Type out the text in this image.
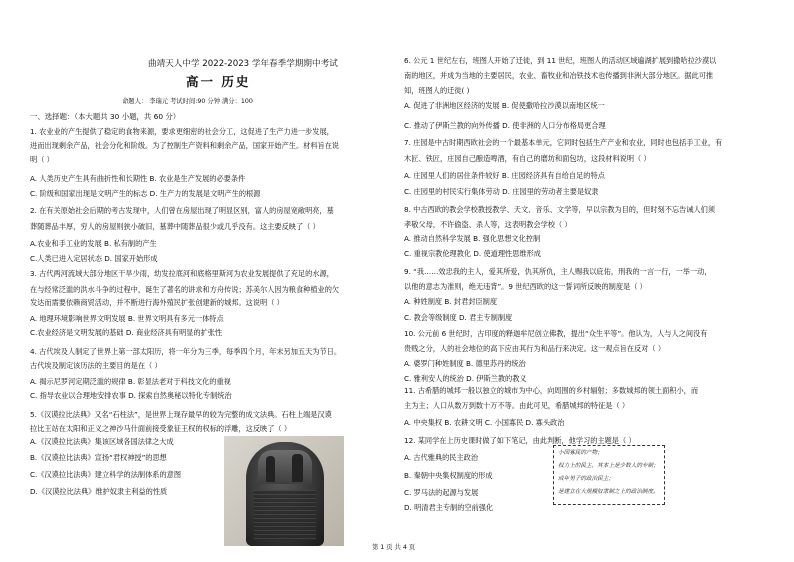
曲靖天人中学 2022-2023 学年春季学期期中考试
高一 历史
命题人： 李瑞元 考试时间:90 分钟 满分：100
一、选择题：（本大题共 30 小题，共 60 分）
1. 农业业的产生提供了稳定的食物来源，要求更细密的社会分工，这促进了生产力进一步发展，
进而出现剩余产品，社会分化和阶级。为了控制生产资料和剩余产品，国家开始产生。材料旨在说
明（ ）
A. 人类历史产生具有曲折性和长期性 B. 农业是生产发展的必要条件
C. 阶级和国家出现是文明产生的标志 D. 生产力的发展是文明产生的根源
2. 在有关原始社会后期的考古发现中，人们曾在房屋出现了明显区别，富人的房屋宽敞明亮，墓
葬随葬品丰厚，穷人的房屋则狭小破旧，墓葬中随葬品很少或几乎没有。这主要反映了（ ）
A.农业和手工业的发展 B. 私有制的产生
C.人类已进入定居状态 D. 国家开始形成
3. 古代两河流域大部分地区干旱少雨，幼发拉底河和底格里斯河为农业发展提供了充足的水源，
在与经常泛滥的洪水斗争的过程中，诞生了著名的讲求和方舟传说；苏美尔人因为粮食种植业的欠
发达而需要依赖商贸活动，并不断进行海外殖民扩张创建新的城邦。这说明（ ）
A. 地理环境影响世界文明发展 B. 世界文明具有多元一体特点
C.农业经济是文明发展的基础 D. 商业经济具有明显的扩张性
4. 古代埃及人制定了世界上第一部太阳历，将一年分为三季，每季四个月，年末另加五天为节日。
古代埃及制定该历法的主要目的是在（ ）
A. 揭示尼罗河定期泛滥的规律 B. 彰显法老对于科技文化的重视
C. 指导农业以合理地安排农事 D. 探索自然奥秘以特化专制统治
5.《汉谟拉比法典》又名“石柱法”，是世界上现存最早的较为完整的成文法典。石柱上端是汉谟
拉比王站在太阳和正义之神沙马什面前接受象征王权的权标的浮雕，这反映了（ ）
A.《汉谟拉比法典》集该区域各国法律之大成
B.《汉谟拉比法典》宣扬“君权神授”的思想
C.《汉谟拉比法典》建立科学的法制体系的意图
D.《汉谟拉比法典》维护奴隶主利益的性质
6. 公元 1 世纪左右，班图人开始了迁徙，到 11 世纪，班图人的活动区域遍湖扩展到撒哈拉沙漠以
南的地区，并成为当地的主要居民，农业、畜牧业和冶铁技术也传播到非洲大部分地区。据此可推
知，班图人的迁徙( )
A. 促进了非洲地区经济的发展 B. 促使撒哈拉沙漠以南地区统一
C. 推动了伊斯兰教的向外传播 D. 使非洲的人口分布格局更合理
7. 庄园是中古时期西欧社会的一个最基本单元，它同时包括生产产业和农业，同时也包括手工业，有
木匠、铁匠，庄园自己酿造啤酒，有自己的磨坊和面包坊，这段材料说明（ ）
A. 庄园里人们的居住条件较好 B. 庄园经济具有自给自足的特点
C. 庄园里的村民实行集体劳动 D. 庄园里的劳动者主要是奴隶
8. 中古西欧的教会学校教授教学、天文、音乐、文学等，早以宗教为目的，但时刻不忘告诫人们须
孝敬父母，不许偷盗、杀人等，这表明教会学校（ ）
A. 推动自然科学发展 B. 强化思想文化控制
C. 重视宗教伦理教化 D. 使道理性思维形成
9. “我……效忠我的主人，爱其所爱，仇其所仇，主人赐我以庇佑，刑我的一言一行，一举一动，
以他的意志为准则，绝无违背”。9 世纪西欧的这一誓词所反映的制度是（ ）
A. 种姓制度 B. 封君封臣制度
C. 教会等级制度 D. 君主专制制度
10. 公元前 6 世纪时，古印度的释迦牟尼创立佛教，提出“众生平等”。他认为，人与人之间没有
贵贱之分，人的社会地位的高下应由其行为和品行来决定。这一观点旨在反对（ ）
A. 婆罗门种姓制度 B. 德里苏丹的统治
C. 雅利安人的统治 D. 伊斯兰教的教义
11. 古希腊的城邦一般以独立的城市为中心，向周围的乡村辐射；多数城邦的领土面积小，而
主为主；人口从数万到数十万不等。由此可见，希腊城邦的特征是（ ）
A. 中央集权 B. 农耕文明 C. 小国寡民 D. 寡头政治
12. 某同学在上历史课时做了如下笔记，由此判断，他学习的主题是（ ）
A. 古代雅典的民主政治
B. 秦朝中央集权制度的形成
C. 罗马法的起源与发展
D. 明清君主专制的空前强化
小国寡民的产物；
权力上的民主，其本上是少数人的专制；
成年男子的政治民主；
是建立在大规模奴隶制之上的政治制度。
第 1 页 共 4 页
